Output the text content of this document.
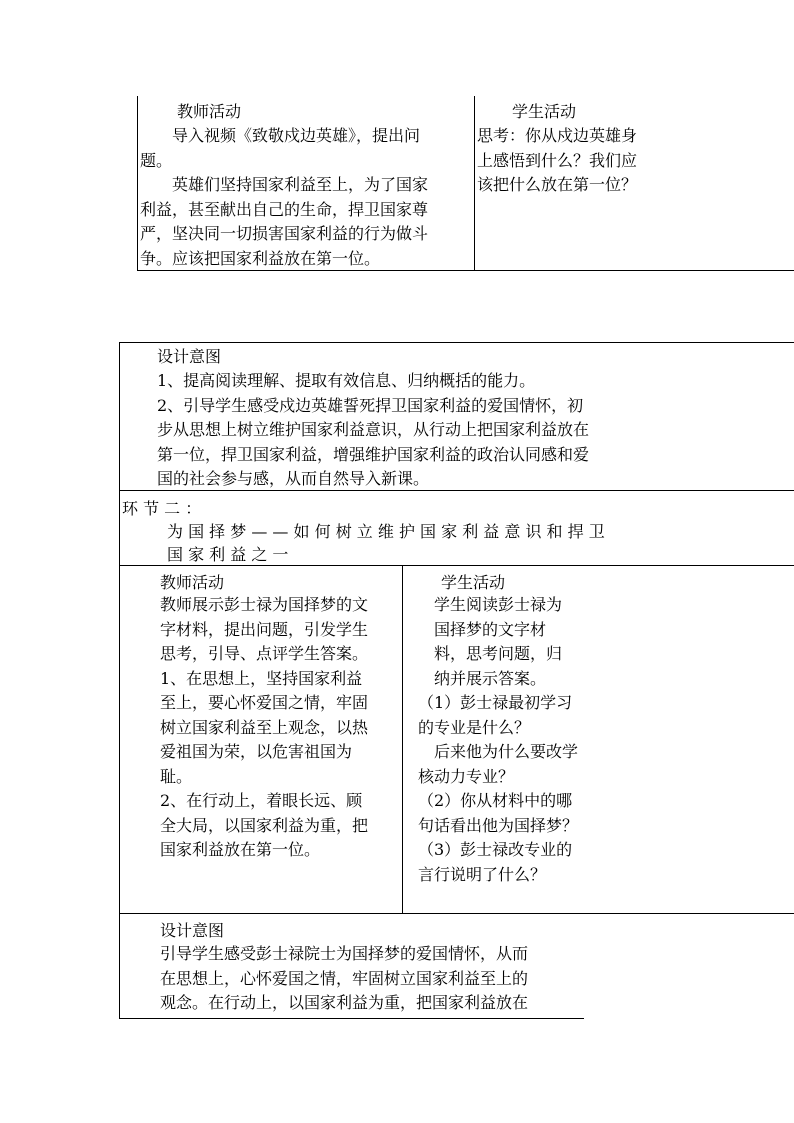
教师活动
　　导入视频《致敬戍边英雄》，提出问
题。
　　英雄们坚持国家利益至上，为了国家
利益，甚至献出自己的生命，捍卫国家尊
严，坚决同一切损害国家利益的行为做斗
争。应该把国家利益放在第一位。
学生活动
思考：你从戍边英雄身
上感悟到什么？我们应
该把什么放在第一位？
设计意图
1、提高阅读理解、提取有效信息、归纳概括的能力。
2、引导学生感受戍边英雄誓死捍卫国家利益的爱国情怀，初
步从思想上树立维护国家利益意识，从行动上把国家利益放在
第一位，捍卫国家利益，增强维护国家利益的政治认同感和爱
国的社会参与感，从而自然导入新课。
环 节 二 ：
为 国 择 梦 — — 如 何 树 立 维 护 国 家 利 益 意 识 和 捍 卫
国 家 利 益 之 一
教师活动
教师展示彭士禄为国择梦的文
字材料，提出问题，引发学生
思考，引导、点评学生答案。
1、在思想上，坚持国家利益
至上，要心怀爱国之情，牢固
树立国家利益至上观念，以热
爱祖国为荣，以危害祖国为
耻。
2、在行动上，着眼长远、顾
全大局，以国家利益为重，把
国家利益放在第一位。
学生活动
　学生阅读彭士禄为
　国择梦的文字材
　料，思考问题，归
　纳并展示答案。
（1）彭士禄最初学习
的专业是什么？
　后来他为什么要改学
核动力专业？
（2）你从材料中的哪
句话看出他为国择梦？
（3）彭士禄改专业的
言行说明了什么？
设计意图
引导学生感受彭士禄院士为国择梦的爱国情怀，从而
在思想上，心怀爱国之情，牢固树立国家利益至上的
观念。在行动上，以国家利益为重，把国家利益放在
